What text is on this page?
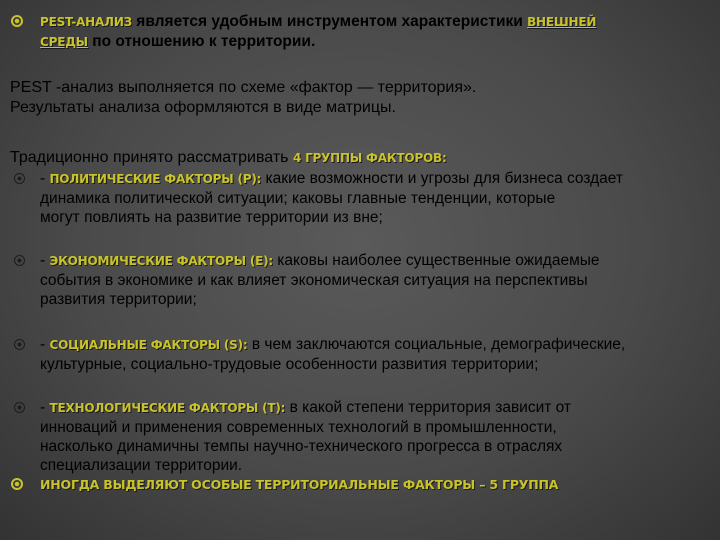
PEST-АНАЛИЗ является удобным инструментом характеристики ВНЕШНЕЙ
СРЕДЫ по отношению к территории.
PEST -анализ выполняется по схеме «фактор — территория».
Результаты анализа оформляются в виде матрицы.
Традиционно принято рассматривать 4 ГРУППЫ ФАКТОРОВ:
- ПОЛИТИЧЕСКИЕ ФАКТОРЫ (P): какие возможности и угрозы для бизнеса создает
динамика политической ситуации; каковы главные тенденции, которые
могут повлиять на развитие территории из вне;
- ЭКОНОМИЧЕСКИЕ ФАКТОРЫ (E): каковы наиболее существенные ожидаемые
события в экономике и как влияет экономическая ситуация на перспективы
развития территории;
- СОЦИАЛЬНЫЕ ФАКТОРЫ (S): в чем заключаются социальные, демографические,
культурные, социально-трудовые особенности развития территории;
- ТЕХНОЛОГИЧЕСКИЕ ФАКТОРЫ (T): в какой степени территория зависит от
инноваций и применения современных технологий в промышленности,
насколько динамичны темпы научно-технического прогресса в отраслях
специализации территории.
ИНОГДА ВЫДЕЛЯЮТ ОСОБЫЕ ТЕРРИТОРИАЛЬНЫЕ ФАКТОРЫ – 5 ГРУППА
